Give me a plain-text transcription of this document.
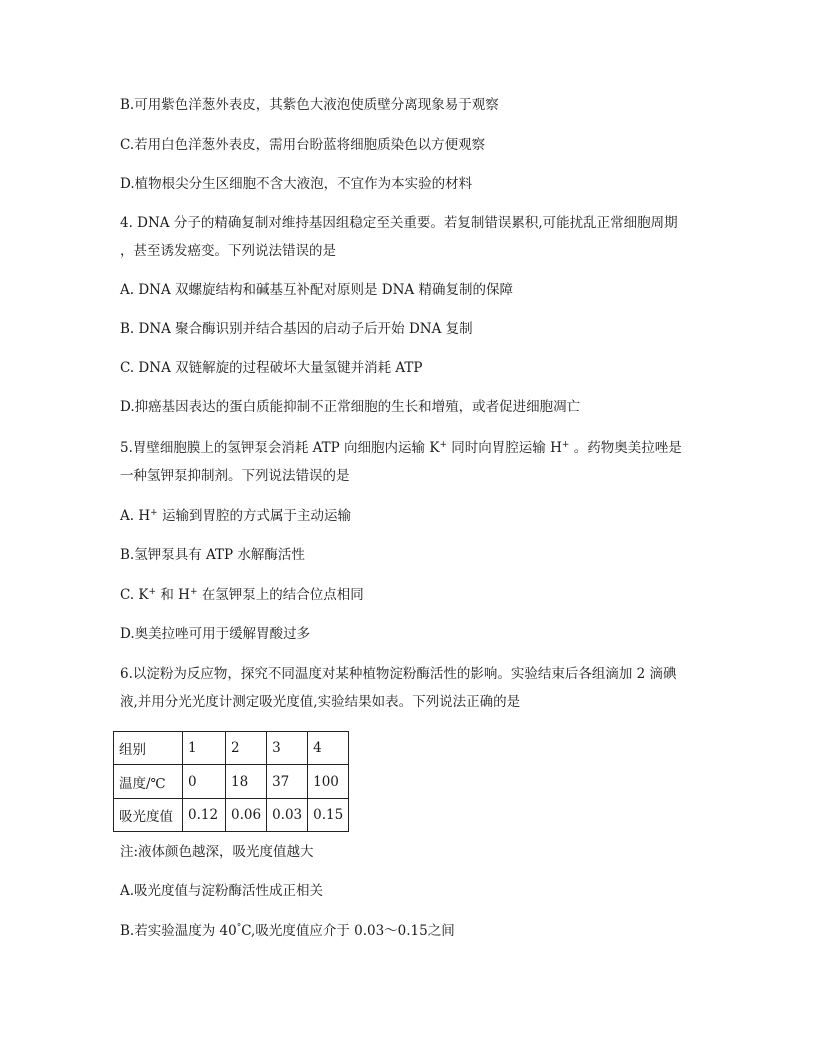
B.可用紫色洋葱外表皮，其紫色大液泡使质壁分离现象易于观察
C.若用白色洋葱外表皮，需用台盼蓝将细胞质染色以方便观察
D.植物根尖分生区细胞不含大液泡，不宜作为本实验的材料
4. DNA 分子的精确复制对维持基因组稳定至关重要。若复制错误累积,可能扰乱正常细胞周期
，甚至诱发癌变。下列说法错误的是
A. DNA 双螺旋结构和碱基互补配对原则是 DNA 精确复制的保障
B. DNA 聚合酶识别并结合基因的启动子后开始 DNA 复制
C. DNA 双链解旋的过程破坏大量氢键并消耗 ATP
D.抑癌基因表达的蛋白质能抑制不正常细胞的生长和增殖，或者促进细胞凋亡
5.胃壁细胞膜上的氢钾泵会消耗 ATP 向细胞内运输 K+ 同时向胃腔运输 H+ 。药物奥美拉唑是
一种氢钾泵抑制剂。下列说法错误的是
A. H+ 运输到胃腔的方式属于主动运输
B.氢钾泵具有 ATP 水解酶活性
C. K+ 和 H+ 在氢钾泵上的结合位点相同
D.奥美拉唑可用于缓解胃酸过多
6.以淀粉为反应物，探究不同温度对某种植物淀粉酶活性的影响。实验结束后各组滴加 2 滴碘
液,并用分光光度计测定吸光度值,实验结果如表。下列说法正确的是
组别	1	2	3	4
温度/℃	0	18	37	100
吸光度值	0.12	0.06	0.03	0.15
注:液体颜色越深，吸光度值越大
A.吸光度值与淀粉酶活性成正相关
B.若实验温度为 40°C,吸光度值应介于 0.03～0.15之间
